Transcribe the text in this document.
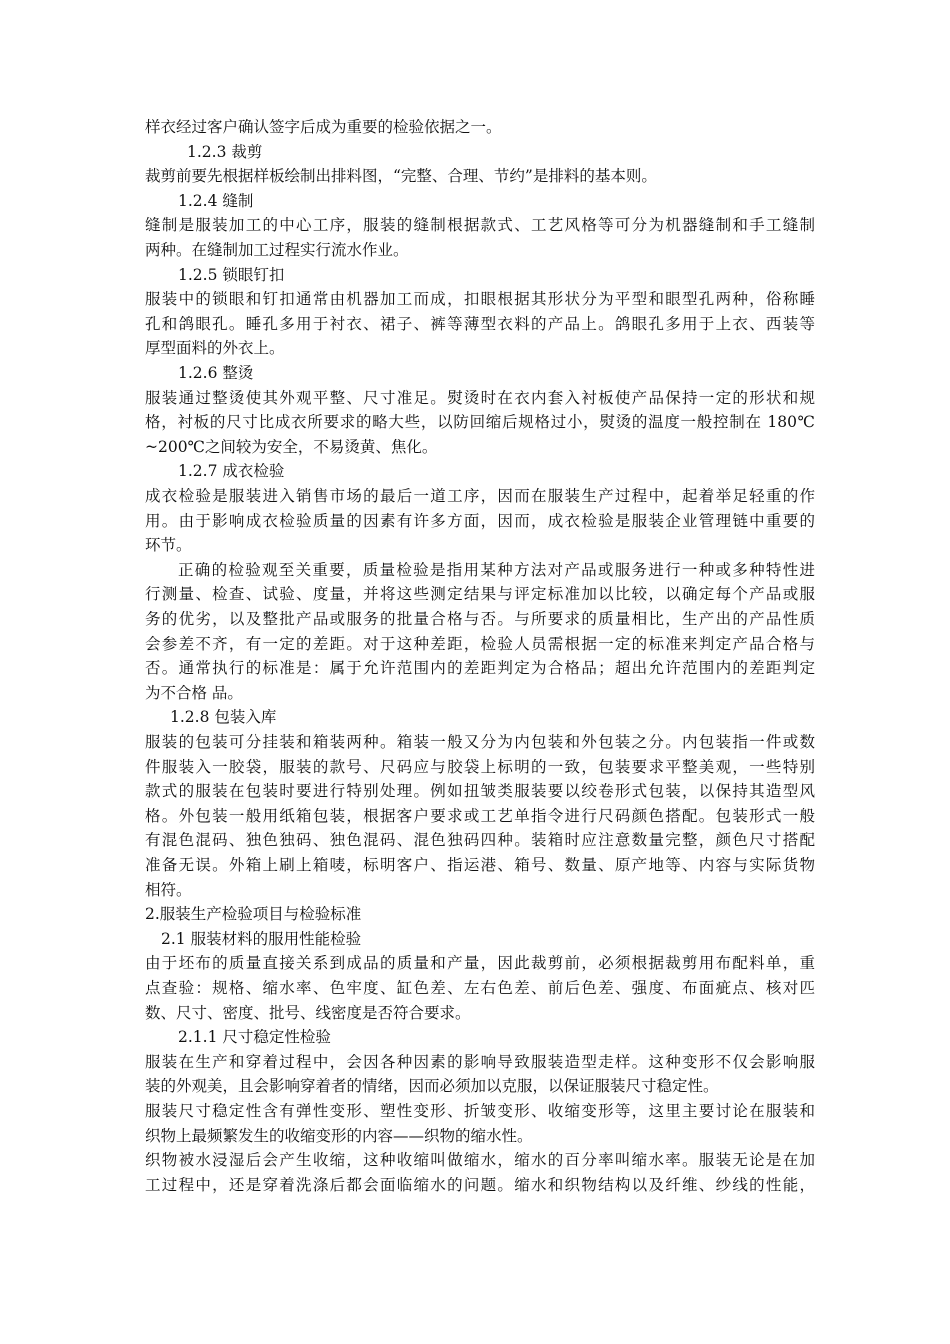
样衣经过客户确认签字后成为重要的检验依据之一。
1.2.3 裁剪
裁剪前要先根据样板绘制出排料图，“完整、合理、节约”是排料的基本则。
1.2.4 缝制
缝制是服装加工的中心工序，服装的缝制根据款式、工艺风格等可分为机器缝制和手工缝制
两种。在缝制加工过程实行流水作业。
1.2.5 锁眼钉扣
服装中的锁眼和钉扣通常由机器加工而成，扣眼根据其形状分为平型和眼型孔两种，俗称睡
孔和鸽眼孔。睡孔多用于衬衣、裙子、裤等薄型衣料的产品上。鸽眼孔多用于上衣、西装等
厚型面料的外衣上。
1.2.6 整烫
服装通过整烫使其外观平整、尺寸准足。熨烫时在衣内套入衬板使产品保持一定的形状和规
格，衬板的尺寸比成衣所要求的略大些，以防回缩后规格过小，熨烫的温度一般控制在 180℃
~200℃之间较为安全，不易烫黄、焦化。
1.2.7 成衣检验
成衣检验是服装进入销售市场的最后一道工序，因而在服装生产过程中，起着举足轻重的作
用。由于影响成衣检验质量的因素有许多方面，因而，成衣检验是服装企业管理链中重要的
环节。
正确的检验观至关重要，质量检验是指用某种方法对产品或服务进行一种或多种特性进
行测量、检查、试验、度量，并将这些测定结果与评定标准加以比较，以确定每个产品或服
务的优劣，以及整批产品或服务的批量合格与否。与所要求的质量相比，生产出的产品性质
会参差不齐，有一定的差距。对于这种差距，检验人员需根据一定的标准来判定产品合格与
否。通常执行的标准是：属于允许范围内的差距判定为合格品；超出允许范围内的差距判定
为不合格 品。
1.2.8 包装入库
服装的包装可分挂装和箱装两种。箱装一般又分为内包装和外包装之分。内包装指一件或数
件服装入一胶袋，服装的款号、尺码应与胶袋上标明的一致，包装要求平整美观，一些特别
款式的服装在包装时要进行特别处理。例如扭皱类服装要以绞卷形式包装，以保持其造型风
格。外包装一般用纸箱包装，根据客户要求或工艺单指令进行尺码颜色搭配。包装形式一般
有混色混码、独色独码、独色混码、混色独码四种。装箱时应注意数量完整，颜色尺寸搭配
准备无误。外箱上刷上箱唛，标明客户、指运港、箱号、数量、原产地等、内容与实际货物
相符。
2.服装生产检验项目与检验标准
2.1 服装材料的服用性能检验
由于坯布的质量直接关系到成品的质量和产量，因此裁剪前，必须根据裁剪用布配料单，重
点查验：规格、缩水率、色牢度、缸色差、左右色差、前后色差、强度、布面疵点、核对匹
数、尺寸、密度、批号、线密度是否符合要求。
2.1.1 尺寸稳定性检验
服装在生产和穿着过程中，会因各种因素的影响导致服装造型走样。这种变形不仅会影响服
装的外观美，且会影响穿着者的情绪，因而必须加以克服，以保证服装尺寸稳定性。
服装尺寸稳定性含有弹性变形、塑性变形、折皱变形、收缩变形等，这里主要讨论在服装和
织物上最频繁发生的收缩变形的内容——织物的缩水性。
织物被水浸湿后会产生收缩，这种收缩叫做缩水，缩水的百分率叫缩水率。服装无论是在加
工过程中，还是穿着洗涤后都会面临缩水的问题。缩水和织物结构以及纤维、纱线的性能，
